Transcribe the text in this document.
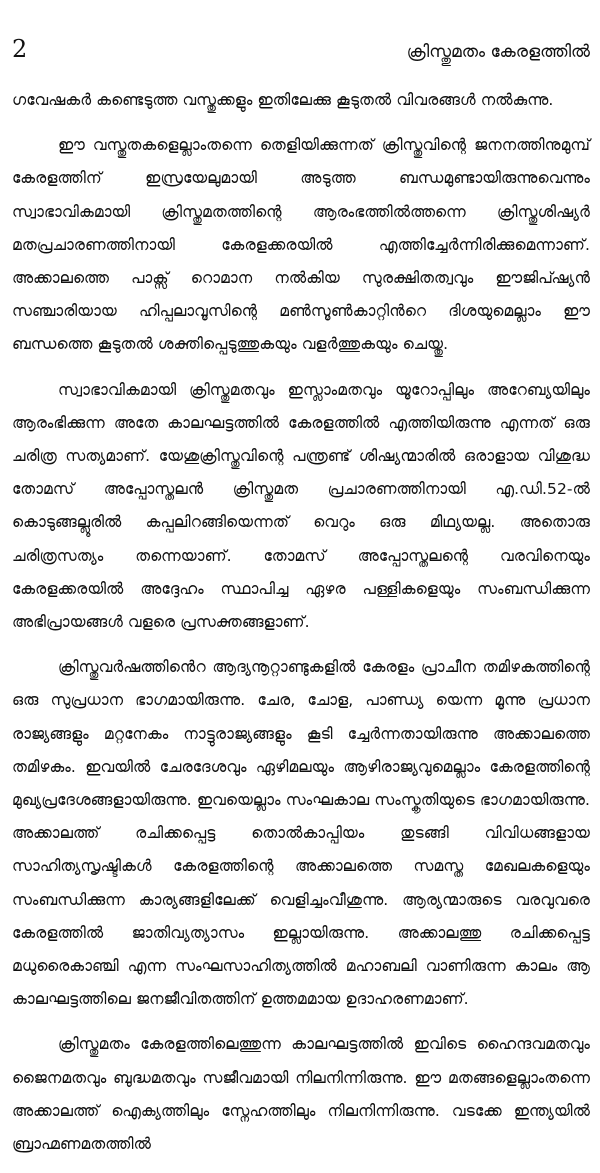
2	ക്രിസ്തുമതം കേരളത്തിൽ

ഗവേഷകർ കണ്ടെടുത്ത വസ്തുക്കളും ഇതിലേക്കു കൂടുതൽ വിവരങ്ങൾ നൽകുന്നു.

ഈ വസ്തുതകളെല്ലാംതന്നെ തെളിയിക്കുന്നത് ക്രിസ്തുവിന്റെ ജനനത്തിനുമുമ്പ് കേരളത്തിന് ഇസ്രയേലുമായി അടുത്ത ബന്ധമുണ്ടായിരുന്നുവെന്നും സ്വാഭാവികമായി ക്രിസ്തുമതത്തിന്റെ ആരംഭത്തിൽത്തന്നെ ക്രിസ്തുശിഷ്യർ മതപ്രചാരണത്തിനായി കേരളക്കരയിൽ എത്തിച്ചേർന്നിരിക്കുമെന്നാണ്. അക്കാലത്തെ പാക്സ് റൊമാന നൽകിയ സുരക്ഷിതത്വവും ഈജിപ്ഷ്യൻ സഞ്ചാരിയായ ഹിപ്പലാവൂസിന്റെ മൺസൂൺകാറ്റിൻറെ ദിശയുമെല്ലാം ഈ ബന്ധത്തെ കൂടുതൽ ശക്തിപ്പെടുത്തുകയും വളർത്തുകയും ചെയ്തു.

സ്വാഭാവികമായി ക്രിസ്തുമതവും ഇസ്ലാംമതവും യൂറോപ്പിലും അറേബ്യയിലും ആരംഭിക്കുന്ന അതേ കാലഘട്ടത്തിൽ കേരളത്തിൽ എത്തിയിരുന്നു എന്നത് ഒരു ചരിത്ര സത്യമാണ്. യേശുക്രിസ്തുവിന്റെ പന്ത്രണ്ട് ശിഷ്യന്മാരിൽ ഒരാളായ വിശുദ്ധ തോമസ് അപ്പോസ്തലൻ ക്രിസ്തുമത പ്രചാരണത്തിനായി എ.ഡി.52-ൽ കൊടുങ്ങല്ലൂരിൽ കപ്പലിറങ്ങിയെന്നത് വെറും ഒരു മിഥ്യയല്ല. അതൊരു ചരിത്രസത്യം തന്നെയാണ്. തോമസ് അപ്പോസ്തലന്റെ വരവിനെയും കേരളക്കരയിൽ അദ്ദേഹം സ്ഥാപിച്ച ഏഴര പള്ളികളെയും സംബന്ധിക്കുന്ന അഭിപ്രായങ്ങൾ വളരെ പ്രസക്തങ്ങളാണ്.

ക്രിസ്തുവർഷത്തിൻെറ ആദ്യനൂറ്റാണ്ടുകളിൽ കേരളം പ്രാചീന തമിഴകത്തിന്റെ ഒരു സുപ്രധാന ഭാഗമായിരുന്നു. ചേര, ചോള, പാണ്ഡ്യ യെന്ന മൂന്നു പ്രധാന രാജ്യങ്ങളും മറ്റനേകം നാട്ടുരാജ്യങ്ങളും കൂടി ച്ചേർന്നതായിരുന്നു അക്കാലത്തെ തമിഴകം. ഇവയിൽ ചേരദേശവും ഏഴിമലയും ആഴിരാജ്യവുമെല്ലാം കേരളത്തിന്റെ മുഖ്യപ്രദേശങ്ങളായിരുന്നു. ഇവയെല്ലാം സംഘകാല സംസ്കൃതിയുടെ ഭാഗമായിരുന്നു. അക്കാലത്ത് രചിക്കപ്പെട്ട തൊൽകാപ്പിയം തുടങ്ങി വിവിധങ്ങളായ സാഹിത്യസൃഷ്ടികൾ കേരളത്തിന്റെ അക്കാലത്തെ സമസ്ത മേഖലകളെയും സംബന്ധിക്കുന്ന കാര്യങ്ങളിലേക്ക് വെളിച്ചംവീശുന്നു. ആര്യന്മാരുടെ വരവുവരെ കേരളത്തിൽ ജാതിവ്യത്യാസം ഇല്ലായിരുന്നു. അക്കാലത്തു രചിക്കപ്പെട്ട മധുരൈകാഞ്ചി എന്ന സംഘസാഹിത്യത്തിൽ മഹാബലി വാണിരുന്ന കാലം ആ കാലഘട്ടത്തിലെ ജനജീവിതത്തിന് ഉത്തമമായ ഉദാഹരണമാണ്.

ക്രിസ്തുമതം കേരളത്തിലെത്തുന്ന കാലഘട്ടത്തിൽ ഇവിടെ ഹൈന്ദവമതവും ജൈനമതവും ബുദ്ധമതവും സജീവമായി നിലനിന്നിരുന്നു. ഈ മതങ്ങളെല്ലാംതന്നെ അക്കാലത്ത് ഐക്യത്തിലും സ്നേഹത്തിലും നിലനിന്നിരുന്നു. വടക്കേ ഇന്ത്യയിൽ ബ്രാഹ്മണമതത്തിൽ
